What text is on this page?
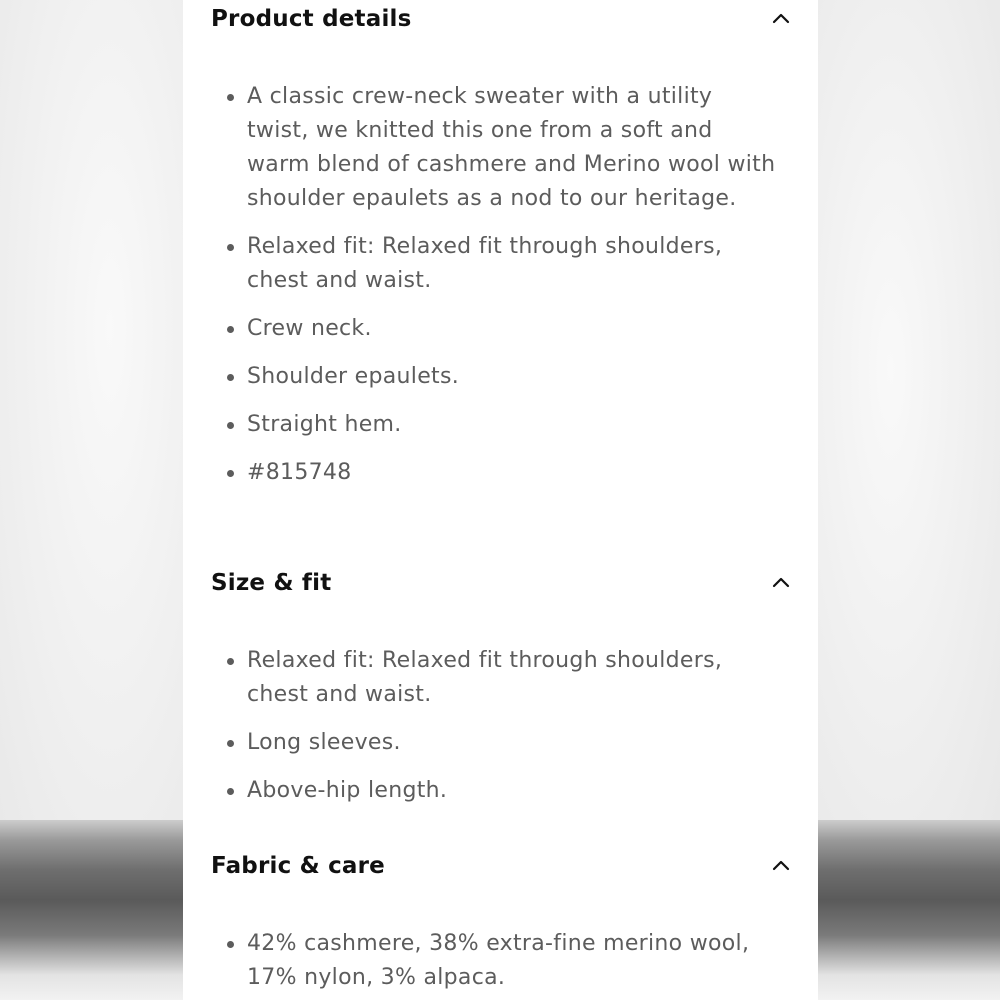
Product details
A classic crew-neck sweater with a utility twist, we knitted this one from a soft and warm blend of cashmere and Merino wool with shoulder epaulets as a nod to our heritage.
Relaxed fit: Relaxed fit through shoulders, chest and waist.
Crew neck.
Shoulder epaulets.
Straight hem.
#815748
Size & fit
Relaxed fit: Relaxed fit through shoulders, chest and waist.
Long sleeves.
Above-hip length.
Fabric & care
42% cashmere, 38% extra-fine merino wool, 17% nylon, 3% alpaca.
